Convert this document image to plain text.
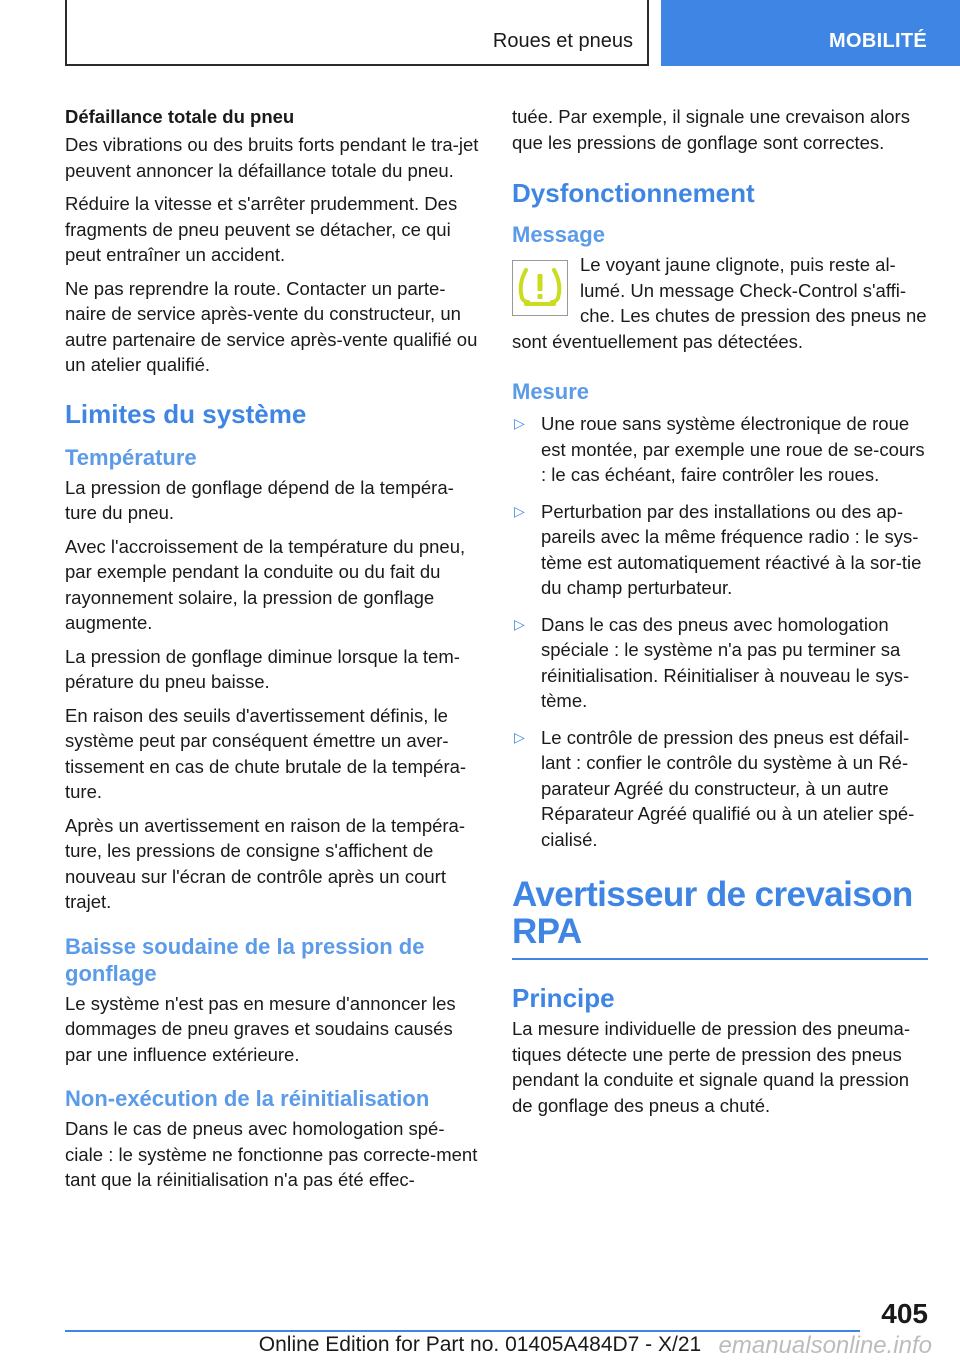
Roues et pneus	MOBILITÉ
Défaillance totale du pneu

Des vibrations ou des bruits forts pendant le tra-jet peuvent annoncer la défaillance totale du pneu.

Réduire la vitesse et s'arrêter prudemment. Des fragments de pneu peuvent se détacher, ce qui peut entraîner un accident.

Ne pas reprendre la route. Contacter un parte-naire de service après-vente du constructeur, un autre partenaire de service après-vente qualifié ou un atelier qualifié.

Limites du système
Température

La pression de gonflage dépend de la tempéra-ture du pneu.

Avec l'accroissement de la température du pneu, par exemple pendant la conduite ou du fait du rayonnement solaire, la pression de gonflage augmente.

La pression de gonflage diminue lorsque la tem-pérature du pneu baisse.

En raison des seuils d'avertissement définis, le système peut par conséquent émettre un aver-tissement en cas de chute brutale de la tempéra-ture.

Après un avertissement en raison de la tempéra-ture, les pressions de consigne s'affichent de nouveau sur l'écran de contrôle après un court trajet.

Baisse soudaine de la pression de gonflage

Le système n'est pas en mesure d'annoncer les dommages de pneu graves et soudains causés par une influence extérieure.

Non-exécution de la réinitialisation

Dans le cas de pneus avec homologation spé-ciale : le système ne fonctionne pas correcte-ment tant que la réinitialisation n'a pas été effec-

tuée. Par exemple, il signale une crevaison alors que les pressions de gonflage sont correctes.

Dysfonctionnement
Message

Le voyant jaune clignote, puis reste al-lumé. Un message Check-Control s'affi-che. Les chutes de pression des pneus ne sont éventuellement pas détectées.

Mesure
▷ Une roue sans système électronique de roue est montée, par exemple une roue de se-cours : le cas échéant, faire contrôler les roues.
▷ Perturbation par des installations ou des ap-pareils avec la même fréquence radio : le sys-tème est automatiquement réactivé à la sor-tie du champ perturbateur.
▷ Dans le cas des pneus avec homologation spéciale : le système n'a pas pu terminer sa réinitialisation. Réinitialiser à nouveau le sys-tème.
▷ Le contrôle de pression des pneus est défail-lant : confier le contrôle du système à un Ré-parateur Agréé du constructeur, à un autre Réparateur Agréé qualifié ou à un atelier spé-cialisé.
Avertisseur de crevaison RPA
Principe

La mesure individuelle de pression des pneuma-tiques détecte une perte de pression des pneus pendant la conduite et signale quand la pression de gonflage des pneus a chuté.

405
Online Edition for Part no. 01405A484D7 - X/21 emanualsonline.info
